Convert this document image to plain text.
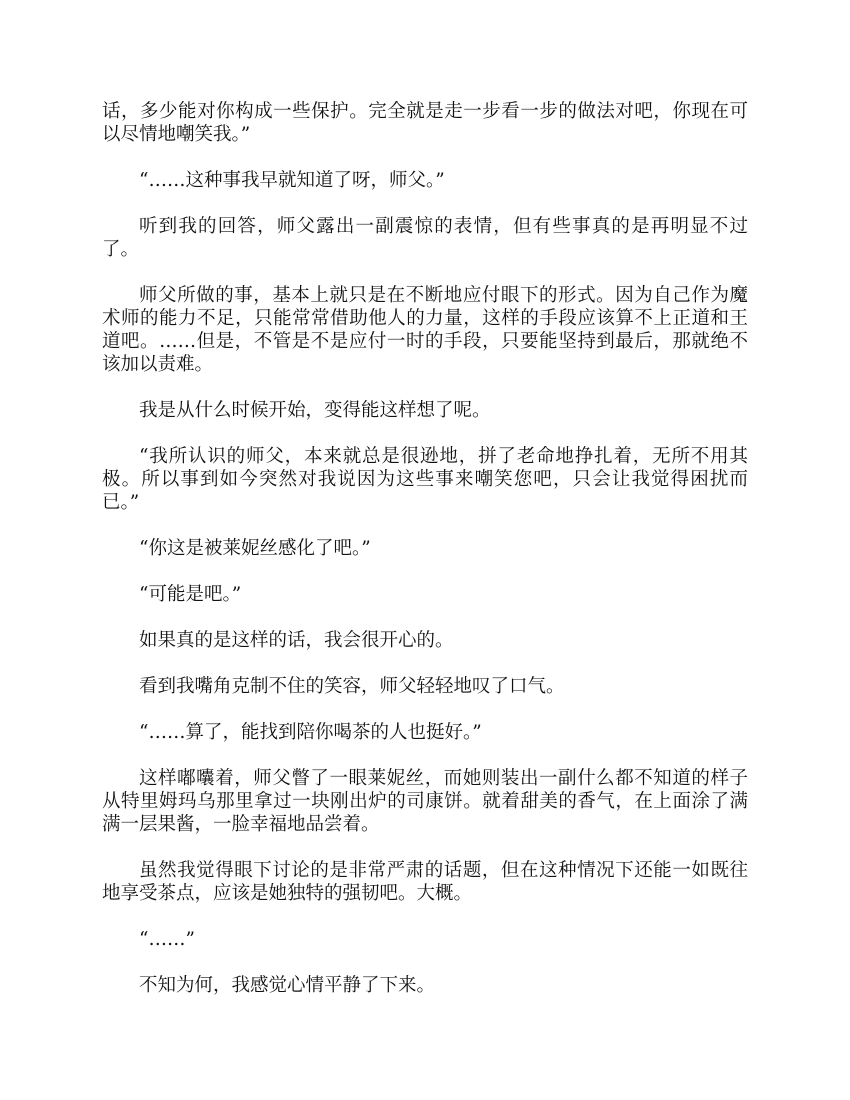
话，多少能对你构成一些保护。完全就是走一步看一步的做法对吧，你现在可以尽情地嘲笑我。”

“……这种事我早就知道了呀，师父。”

听到我的回答，师父露出一副震惊的表情，但有些事真的是再明显不过了。

师父所做的事，基本上就只是在不断地应付眼下的形式。因为自己作为魔术师的能力不足，只能常常借助他人的力量，这样的手段应该算不上正道和王道吧。……但是，不管是不是应付一时的手段，只要能坚持到最后，那就绝不该加以责难。

我是从什么时候开始，变得能这样想了呢。

“我所认识的师父，本来就总是很逊地，拼了老命地挣扎着，无所不用其极。所以事到如今突然对我说因为这些事来嘲笑您吧，只会让我觉得困扰而已。”

“你这是被莱妮丝感化了吧。”

“可能是吧。”

如果真的是这样的话，我会很开心的。

看到我嘴角克制不住的笑容，师父轻轻地叹了口气。

“……算了，能找到陪你喝茶的人也挺好。”

这样嘟囔着，师父瞥了一眼莱妮丝，而她则装出一副什么都不知道的样子从特里姆玛乌那里拿过一块刚出炉的司康饼。就着甜美的香气，在上面涂了满满一层果酱，一脸幸福地品尝着。

虽然我觉得眼下讨论的是非常严肃的话题，但在这种情况下还能一如既往地享受茶点，应该是她独特的强韧吧。大概。

“……”

不知为何，我感觉心情平静了下来。
